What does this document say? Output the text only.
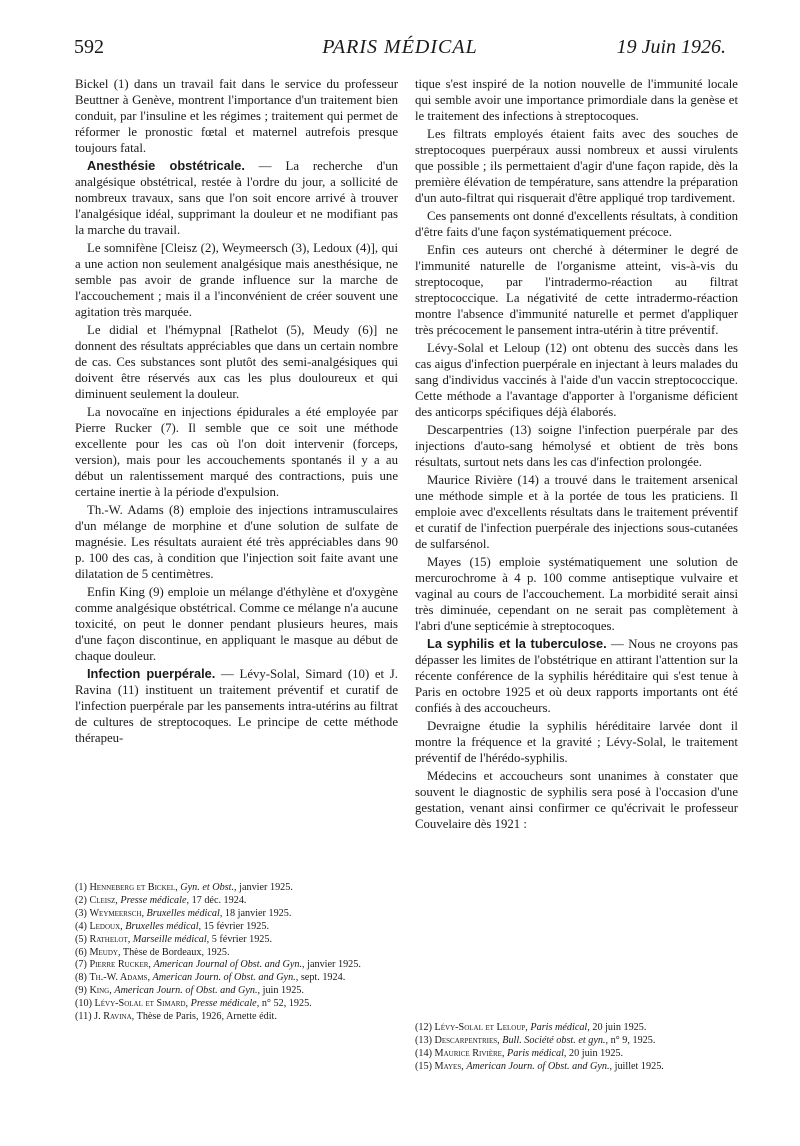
PARIS MÉDICAL
592	19 Juin 1926.

Bickel (1) dans un travail fait dans le service du professeur Beuttner à Genève, montrent l'importance d'un traitement bien conduit, par l'insuline et les régimes ; traitement qui permet de réformer le pronostic fœtal et maternel autrefois presque toujours fatal.

Anesthésie obstétricale. — La recherche d'un analgésique obstétrical, restée à l'ordre du jour, a sollicité de nombreux travaux, sans que l'on soit encore arrivé à trouver l'analgésique idéal, supprimant la douleur et ne modifiant pas la marche du travail.

Le somnifène [Cleisz (2), Weymeersch (3), Ledoux (4)], qui a une action non seulement analgésique mais anesthésique, ne semble pas avoir de grande influence sur la marche de l'accouchement ; mais il a l'inconvénient de créer souvent une agitation très marquée.

Le didial et l'hémypnal [Rathelot (5), Meudy (6)] ne donnent des résultats appréciables que dans un certain nombre de cas. Ces substances sont plutôt des semi-analgésiques qui doivent être réservés aux cas les plus douloureux et qui diminuent seulement la douleur.

La novocaïne en injections épidurales a été employée par Pierre Rucker (7). Il semble que ce soit une méthode excellente pour les cas où l'on doit intervenir (forceps, version), mais pour les accouchements spontanés il y a au début un ralentissement marqué des contractions, puis une certaine inertie à la période d'expulsion.

Th.-W. Adams (8) emploie des injections intramusculaires d'un mélange de morphine et d'une solution de sulfate de magnésie. Les résultats auraient été très appréciables dans 90 p. 100 des cas, à condition que l'injection soit faite avant une dilatation de 5 centimètres.

Enfin King (9) emploie un mélange d'éthylène et d'oxygène comme analgésique obstétrical. Comme ce mélange n'a aucune toxicité, on peut le donner pendant plusieurs heures, mais d'une façon discontinue, en appliquant le masque au début de chaque douleur.

Infection puerpérale. — Lévy-Solal, Simard (10) et J. Ravina (11) instituent un traitement préventif et curatif de l'infection puerpérale par les pansements intra-utérins au filtrat de cultures de streptocoques. Le principe de cette méthode thérapeu-

tique s'est inspiré de la notion nouvelle de l'immunité locale qui semble avoir une importance primordiale dans la genèse et le traitement des infections à streptocoques.

Les filtrats employés étaient faits avec des souches de streptocoques puerpéraux aussi nombreux et aussi virulents que possible ; ils permettaient d'agir d'une façon rapide, dès la première élévation de température, sans attendre la préparation d'un auto-filtrat qui risquerait d'être appliqué trop tardivement.

Ces pansements ont donné d'excellents résultats, à condition d'être faits d'une façon systématiquement précoce.

Enfin ces auteurs ont cherché à déterminer le degré de l'immunité naturelle de l'organisme atteint, vis-à-vis du streptocoque, par l'intradermo-réaction au filtrat streptococcique. La négativité de cette intradermo-réaction montre l'absence d'immunité naturelle et permet d'appliquer très précocement le pansement intra-utérin à titre préventif.

Lévy-Solal et Leloup (12) ont obtenu des succès dans les cas aigus d'infection puerpérale en injectant à leurs malades du sang d'individus vaccinés à l'aide d'un vaccin streptococcique. Cette méthode a l'avantage d'apporter à l'organisme déficient des anticorps spécifiques déjà élaborés.

Descarpentries (13) soigne l'infection puerpérale par des injections d'auto-sang hémolysé et obtient de très bons résultats, surtout nets dans les cas d'infection prolongée.

Maurice Rivière (14) a trouvé dans le traitement arsenical une méthode simple et à la portée de tous les praticiens. Il emploie avec d'excellents résultats dans le traitement préventif et curatif de l'infection puerpérale des injections sous-cutanées de sulfarsénol.

Mayes (15) emploie systématiquement une solution de mercurochrome à 4 p. 100 comme antiseptique vulvaire et vaginal au cours de l'accouchement. La morbidité serait ainsi très diminuée, cependant on ne serait pas complètement à l'abri d'une septicémie à streptocoques.

La syphilis et la tuberculose. — Nous ne croyons pas dépasser les limites de l'obstétrique en attirant l'attention sur la récente conférence de la syphilis héréditaire qui s'est tenue à Paris en octobre 1925 et où deux rapports importants ont été confiés à des accoucheurs.

Devraigne étudie la syphilis héréditaire larvée dont il montre la fréquence et la gravité ; Lévy-Solal, le traitement préventif de l'hérédo-syphilis.

Médecins et accoucheurs sont unanimes à constater que souvent le diagnostic de syphilis sera posé à l'occasion d'une gestation, venant ainsi confirmer ce qu'écrivait le professeur Couvelaire dès 1921 :

(1) Henneberg et Bickel, Gyn. et Obst., janvier 1925.
(2) Cleisz, Presse médicale, 17 déc. 1924.
(3) Weymeersch, Bruxelles médical, 18 janvier 1925.
(4) Ledoux, Bruxelles médical, 15 février 1925.
(5) Rathelot, Marseille médical, 5 février 1925.
(6) Meudy, Thèse de Bordeaux, 1925.
(7) Pierre Rucker, American Journal of Obst. and Gyn., janvier 1925.
(8) Th.-W. Adams, American Journ. of Obst. and Gyn., sept. 1924.
(9) King, American Journ. of Obst. and Gyn., juin 1925.
(10) Lévy-Solal et Simard, Presse médicale, n° 52, 1925.
(11) J. Ravina, Thèse de Paris, 1926, Arnette édit.
(12) Lévy-Solal et Leloup, Paris médical, 20 juin 1925.
(13) Descarpentries, Bull. Société obst. et gyn., n° 9, 1925.
(14) Maurice Rivière, Paris médical, 20 juin 1925.
(15) Mayes, American Journ. of Obst. and Gyn., juillet 1925.
